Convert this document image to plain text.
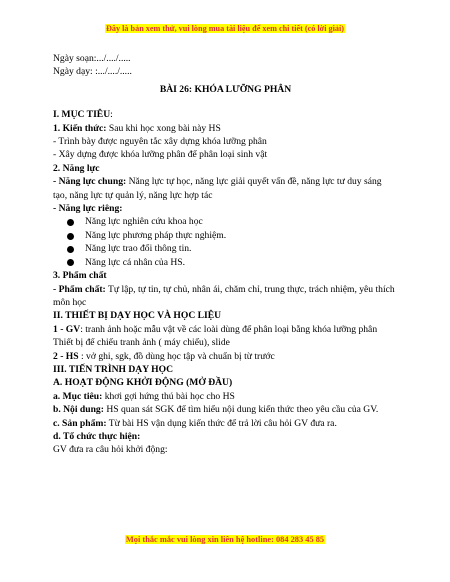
Đây là bản xem thử, vui lòng mua tài liệu để xem chi tiết (có lời giải)
Ngày soạn:.../..../.....
Ngày dạy: :.../..../.....
BÀI 26: KHÓA LƯỠNG PHÂN
I. MỤC TIÊU:
1. Kiến thức: Sau khi học xong bài này HS
- Trình bày được nguyên tắc xây dựng khóa lưỡng phân
- Xây dựng được khóa lưỡng phân để phân loại sinh vật
2. Năng lực
- Năng lực chung: Năng lực tự học, năng lực giải quyết vấn đề, năng lực tư duy sáng tạo, năng lực tự quản lý, năng lực hợp tác
- Năng lực riêng:
Năng lực nghiên cứu khoa học
Năng lực phương pháp thực nghiệm.
Năng lực trao đổi thông tin.
Năng lực cá nhân của HS.
3. Phẩm chất
- Phẩm chất: Tự lập, tự tin, tự chủ, nhân ái, chăm chỉ, trung thực, trách nhiệm, yêu thích môn học
II. THIẾT BỊ DẠY HỌC VÀ HỌC LIỆU
1 - GV: tranh ảnh hoặc mẫu vật về các loài dùng để phân loại bằng khóa lưỡng phân
Thiết bị để chiếu tranh ảnh ( máy chiếu), slide
2 - HS : vở ghi, sgk, đồ dùng học tập và chuẩn bị từ trước
III. TIẾN TRÌNH DẠY HỌC
A. HOẠT ĐỘNG KHỞI ĐỘNG (MỞ ĐẦU)
a. Mục tiêu: khơi gợi hứng thú bài học cho HS
b. Nội dung: HS quan sát SGK để tìm hiểu nội dung kiến thức theo yêu cầu của GV.
c. Sản phẩm: Từ bài HS vận dụng kiến thức để trả lời câu hỏi GV đưa ra.
d. Tổ chức thực hiện:
GV đưa ra câu hỏi khởi động:
Mọi thắc mắc vui lòng xin liên hệ hotline: 084 283 45 85
